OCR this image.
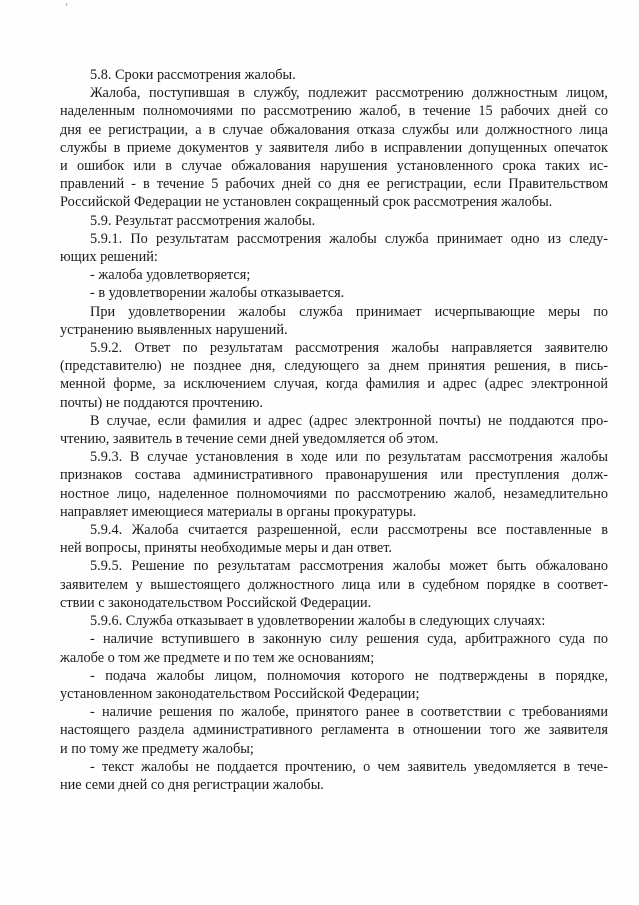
'
5.8. Сроки рассмотрения жалобы.
Жалоба, поступившая в службу, подлежит рассмотрению должностным лицом,
наделенным полномочиями по рассмотрению жалоб, в течение 15 рабочих дней со
дня ее регистрации, а в случае обжалования отказа службы или должностного лица
службы в приеме документов у заявителя либо в исправлении допущенных опечаток
и ошибок или в случае обжалования нарушения установленного срока таких ис-
правлений - в течение 5 рабочих дней со дня ее регистрации, если Правительством
Российской Федерации не установлен сокращенный срок рассмотрения жалобы.
5.9. Результат рассмотрения жалобы.
5.9.1. По результатам рассмотрения жалобы служба принимает одно из следу-
ющих решений:
- жалоба удовлетворяется;
- в удовлетворении жалобы отказывается.
При удовлетворении жалобы служба принимает исчерпывающие меры по
устранению выявленных нарушений.
5.9.2. Ответ по результатам рассмотрения жалобы направляется заявителю
(представителю) не позднее дня, следующего за днем принятия решения, в пись-
менной форме, за исключением случая, когда фамилия и адрес (адрес электронной
почты) не поддаются прочтению.
В случае, если фамилия и адрес (адрес электронной почты) не поддаются про-
чтению, заявитель в течение семи дней уведомляется об этом.
5.9.3. В случае установления в ходе или по результатам рассмотрения жалобы
признаков состава административного правонарушения или преступления долж-
ностное лицо, наделенное полномочиями по рассмотрению жалоб, незамедлительно
направляет имеющиеся материалы в органы прокуратуры.
5.9.4. Жалоба считается разрешенной, если рассмотрены все поставленные в
ней вопросы, приняты необходимые меры и дан ответ.
5.9.5. Решение по результатам рассмотрения жалобы может быть обжаловано
заявителем у вышестоящего должностного лица или в судебном порядке в соответ-
ствии с законодательством Российской Федерации.
5.9.6. Служба отказывает в удовлетворении жалобы в следующих случаях:
- наличие вступившего в законную силу решения суда, арбитражного суда по
жалобе о том же предмете и по тем же основаниям;
- подача жалобы лицом, полномочия которого не подтверждены в порядке,
установленном законодательством Российской Федерации;
- наличие решения по жалобе, принятого ранее в соответствии с требованиями
настоящего раздела административного регламента в отношении того же заявителя
и по тому же предмету жалобы;
- текст жалобы не поддается прочтению, о чем заявитель уведомляется в тече-
ние семи дней со дня регистрации жалобы.
